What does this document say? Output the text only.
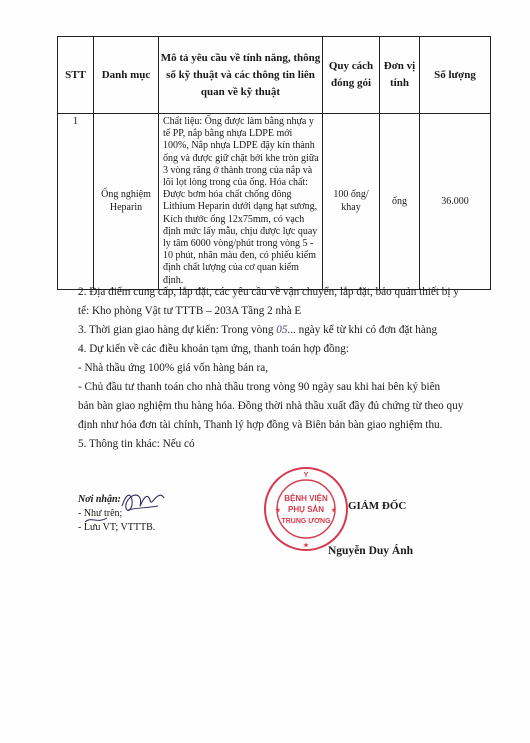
STT	Danh mục	Mô tả yêu cầu về tính năng, thông số kỹ thuật và các thông tin liên quan về kỹ thuật	Quy cách đóng gói	Đơn vị tính	Số lượng
1	Ống nghiệm Heparin	Chất liệu: Ống được làm bằng nhựa y tế PP, nắp bằng nhựa LDPE mới 100%, Nắp nhựa LDPE đậy kín thành ống và được giữ chặt bởi khe tròn giữa 3 vòng răng ở thành trong của nắp và lõi lọt lòng trong của ống. Hóa chất: Được bơm hóa chất chống đông Lithium Heparin dưới dạng hạt sương, Kích thước ống 12x75mm, có vạch định mức lấy mẫu, chịu được lực quay ly tâm 6000 vòng/phút trong vòng 5 - 10 phút, nhãn màu đen, có phiếu kiểm định chất lượng của cơ quan kiểm định.	100 ống/ khay	ống	36.000
2. Địa điểm cung cấp, lắp đặt, các yêu cầu về vận chuyển, lắp đặt, bảo quản thiết bị y
tế: Kho phòng Vật tư TTTB – 203A Tầng 2 nhà E
3. Thời gian giao hàng dự kiến: Trong vòng 05... ngày kể từ khi có đơn đặt hàng
4. Dự kiến về các điều khoản tạm ứng, thanh toán hợp đồng:
- Nhà thầu ứng 100% giá vốn hàng bán ra,
- Chủ đầu tư thanh toán cho nhà thầu trong vòng 90 ngày sau khi hai bên ký biên
bản bàn giao nghiệm thu hàng hóa. Đồng thời nhà thầu xuất đầy đủ chứng từ theo quy
định như hóa đơn tài chính, Thanh lý hợp đồng và Biên bản bàn giao nghiệm thu.
5. Thông tin khác: Nếu có
Nơi nhận:
- Như trên;
- Lưu VT; VTTTB.
Y
★	★
★
BỆNH VIỆN
PHỤ SẢN
TRUNG ƯƠNG
GIÁM ĐỐC
Nguyễn Duy Ánh
